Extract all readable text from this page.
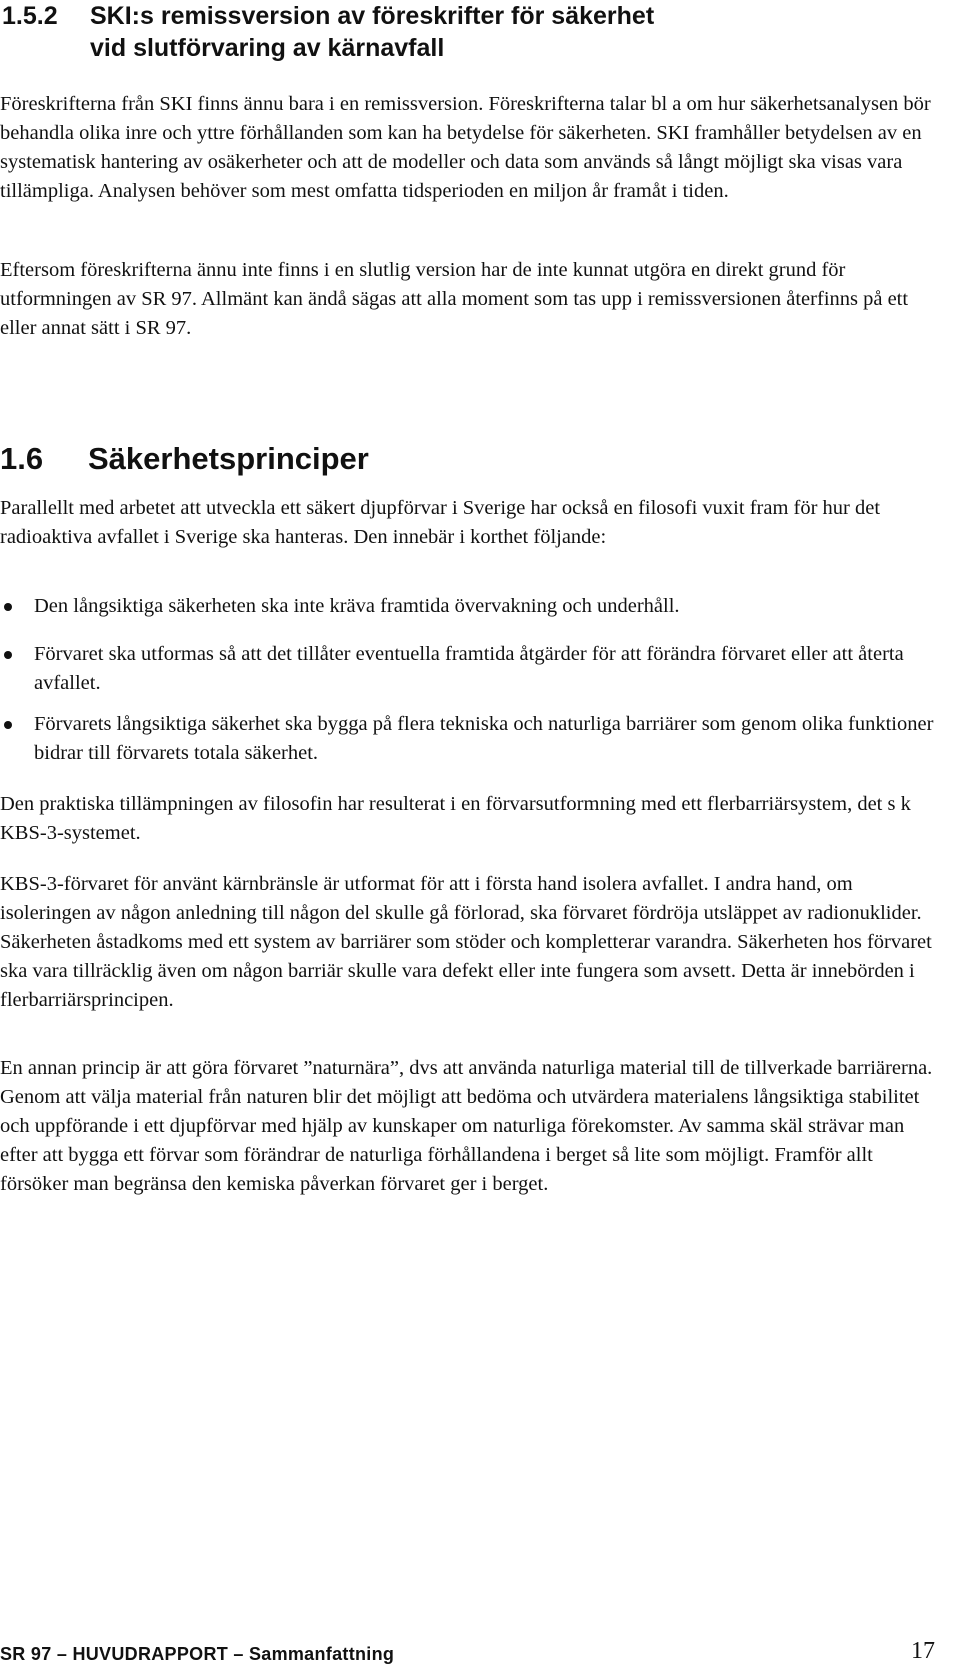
1.5.2 SKI:s remissversion av föreskrifter för säkerhet
vid slutförvaring av kärnavfall

Föreskrifterna från SKI finns ännu bara i en remissversion. Föreskrifterna talar bl a om hur säkerhetsanalysen bör behandla olika inre och yttre förhållanden som kan ha betydelse för säkerheten. SKI framhåller betydelsen av en systematisk hantering av osäkerheter och att de modeller och data som används så långt möjligt ska visas vara tillämpliga. Analysen behöver som mest omfatta tidsperioden en miljon år framåt i tiden.

Eftersom föreskrifterna ännu inte finns i en slutlig version har de inte kunnat utgöra en direkt grund för utformningen av SR 97. Allmänt kan ändå sägas att alla moment som tas upp i remissversionen återfinns på ett eller annat sätt i SR 97.

1.6 Säkerhetsprinciper

Parallellt med arbetet att utveckla ett säkert djupförvar i Sverige har också en filosofi vuxit fram för hur det radioaktiva avfallet i Sverige ska hanteras. Den innebär i korthet följande:

Den långsiktiga säkerheten ska inte kräva framtida övervakning och underhåll.
Förvaret ska utformas så att det tillåter eventuella framtida åtgärder för att förändra förvaret eller att återta avfallet.
Förvarets långsiktiga säkerhet ska bygga på flera tekniska och naturliga barriärer som genom olika funktioner bidrar till förvarets totala säkerhet.

Den praktiska tillämpningen av filosofin har resulterat i en förvarsutformning med ett flerbarriärsystem, det s k KBS-3-systemet.

KBS-3-förvaret för använt kärnbränsle är utformat för att i första hand isolera avfallet. I andra hand, om isoleringen av någon anledning till någon del skulle gå förlorad, ska förvaret fördröja utsläppet av radionuklider. Säkerheten åstadkoms med ett system av barriärer som stöder och kompletterar varandra. Säkerheten hos förvaret ska vara tillräcklig även om någon barriär skulle vara defekt eller inte fungera som avsett. Detta är innebörden i flerbarriärsprincipen.

En annan princip är att göra förvaret ”naturnära”, dvs att använda naturliga material till de tillverkade barriärerna. Genom att välja material från naturen blir det möjligt att bedöma och utvärdera materialens långsiktiga stabilitet och uppförande i ett djupförvar med hjälp av kunskaper om naturliga förekomster. Av samma skäl strävar man efter att bygga ett förvar som förändrar de naturliga förhållandena i berget så lite som möjligt. Framför allt försöker man begränsa den kemiska påverkan förvaret ger i berget.

SR 97 – HUVUDRAPPORT – Sammanfattning	17
